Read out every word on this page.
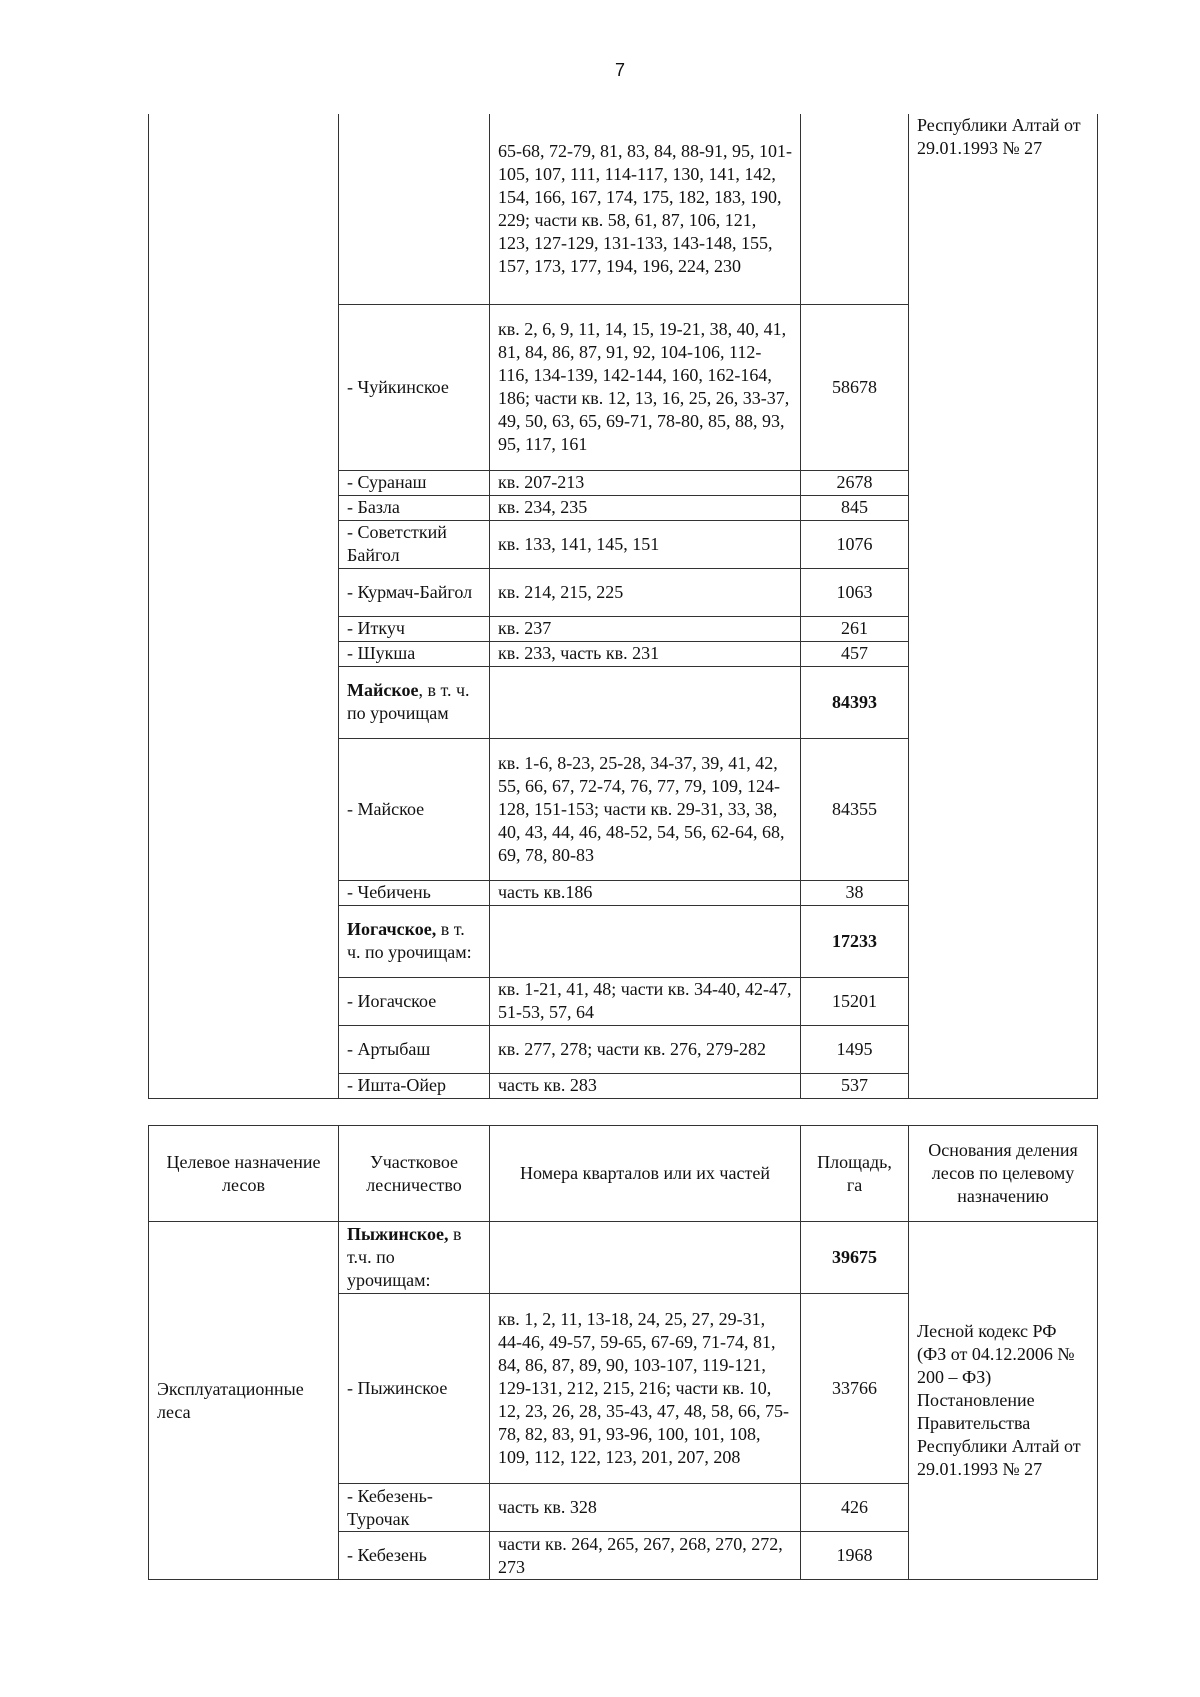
7
		65-68, 72-79, 81, 83, 84, 88-91, 95, 101-105, 107, 111, 114-117, 130, 141, 142, 154, 166, 167, 174, 175, 182, 183, 190, 229; части кв. 58, 61, 87, 106, 121, 123, 127-129, 131-133, 143-148, 155, 157, 173, 177, 194, 196, 224, 230		Республики Алтай от 29.01.1993 № 27
	- Чуйкинское	кв. 2, 6, 9, 11, 14, 15, 19-21, 38, 40, 41, 81, 84, 86, 87, 91, 92, 104-106, 112-116, 134-139, 142-144, 160, 162-164, 186; части кв. 12, 13, 16, 25, 26, 33-37, 49, 50, 63, 65, 69-71, 78-80, 85, 88, 93, 95, 117, 161	58678	
	- Суранаш	кв. 207-213	2678	
	- Базла	кв. 234, 235	845	
	- Советсткий Байгол	кв. 133, 141, 145, 151	1076	
	- Курмач-Байгол	кв. 214, 215, 225	1063	
	- Иткуч	кв. 237	261	
	- Шукша	кв. 233, часть кв. 231	457	
	Майское, в т. ч. по урочищам		84393	
	- Майское	кв. 1-6, 8-23, 25-28, 34-37, 39, 41, 42, 55, 66, 67, 72-74, 76, 77, 79, 109, 124-128, 151-153; части кв. 29-31, 33, 38, 40, 43, 44, 46, 48-52, 54, 56, 62-64, 68, 69, 78, 80-83	84355	
	- Чебичень	часть кв.186	38	
	Иогачское, в т. ч. по урочищам:		17233	
	- Иогачское	кв. 1-21, 41, 48; части кв. 34-40, 42-47, 51-53, 57, 64	15201	
	- Артыбаш	кв. 277, 278; части кв. 276, 279-282	1495	
	- Ишта-Ойер	часть кв. 283	537	
Целевое назначение лесов	Участковое лесничество	Номера кварталов или их частей	Площадь, га	Основания деления лесов по целевому назначению
Эксплуатационные леса	Пыжинское, в т.ч. по урочищам:		39675	Лесной кодекс РФ (ФЗ от 04.12.2006 № 200 – ФЗ) Постановление Правительства Республики Алтай от 29.01.1993 № 27
	- Пыжинское	кв. 1, 2, 11, 13-18, 24, 25, 27, 29-31, 44-46, 49-57, 59-65, 67-69, 71-74, 81, 84, 86, 87, 89, 90, 103-107, 119-121, 129-131, 212, 215, 216; части кв. 10, 12, 23, 26, 28, 35-43, 47, 48, 58, 66, 75-78, 82, 83, 91, 93-96, 100, 101, 108, 109, 112, 122, 123, 201, 207, 208	33766	
	- Кебезень-Турочак	часть кв. 328	426	
	- Кебезень	части кв. 264, 265, 267, 268, 270, 272, 273	1968	
